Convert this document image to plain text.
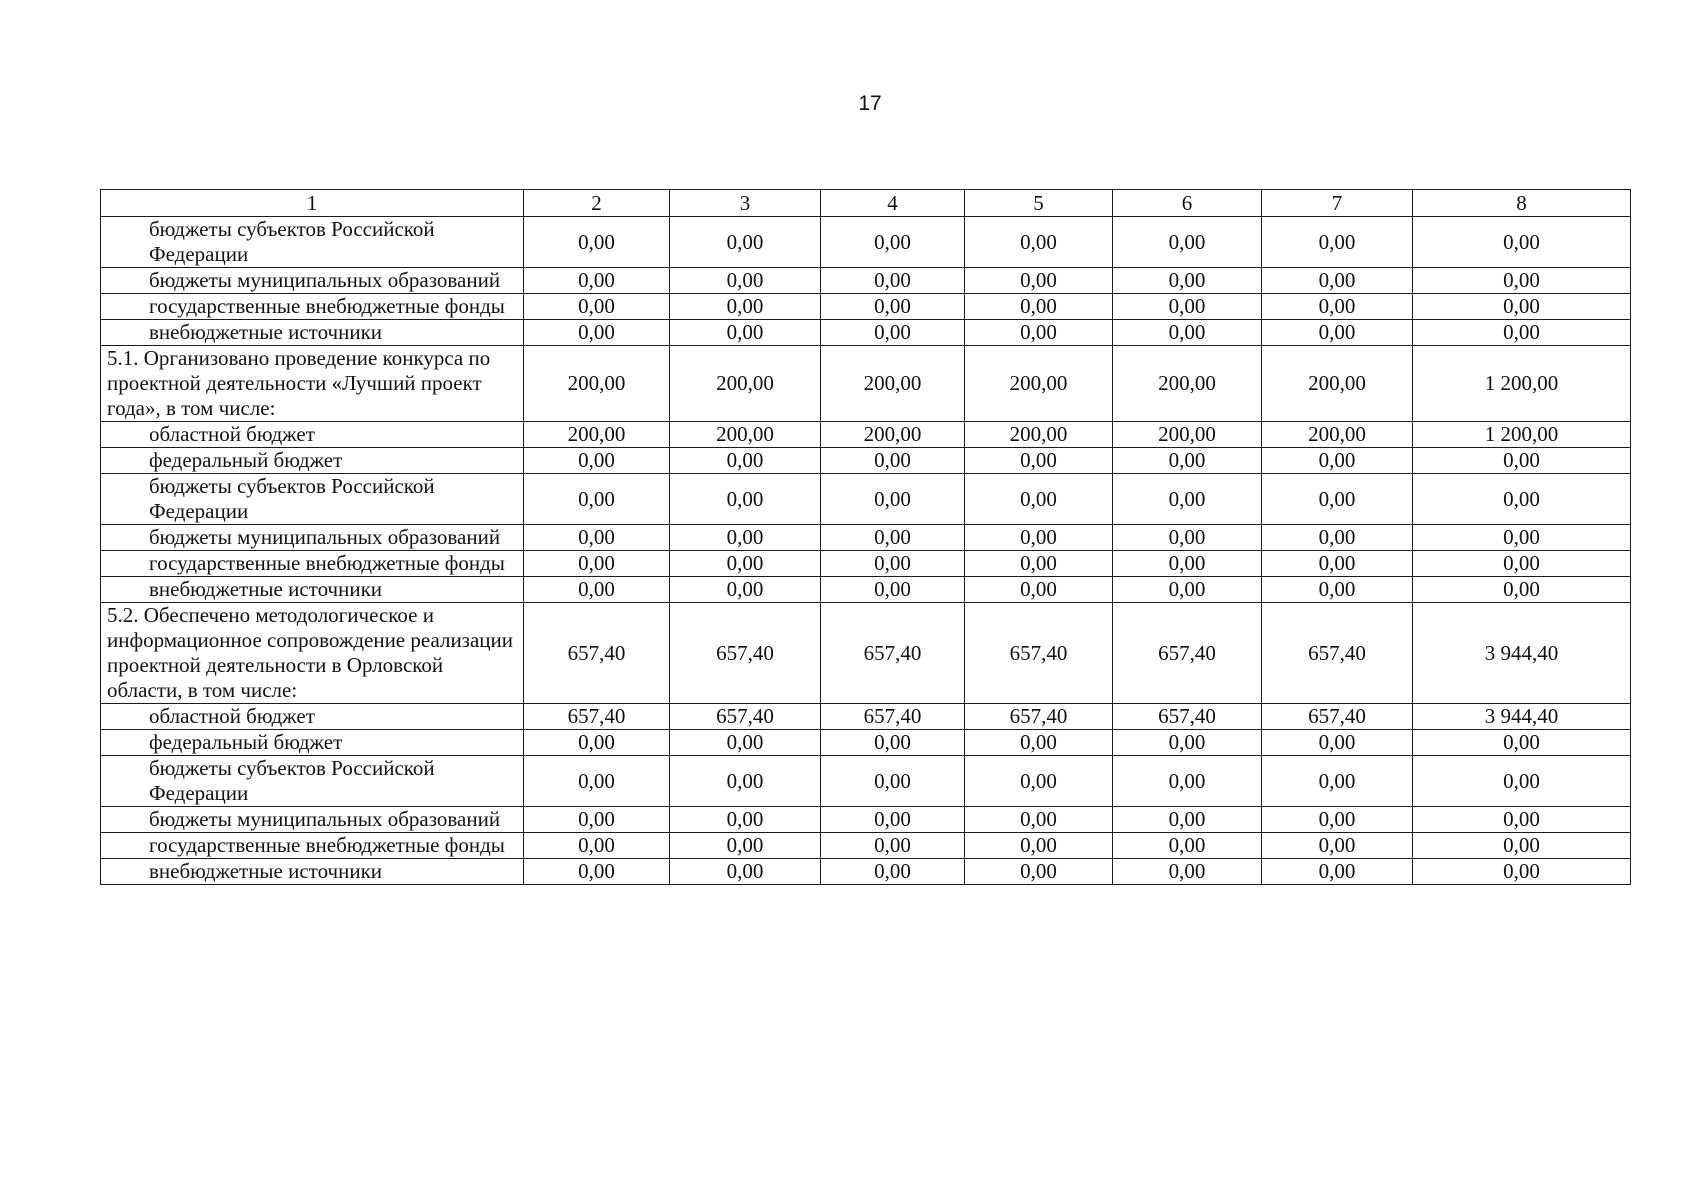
17
1	2	3	4	5	6	7	8
бюджеты субъектов Российской Федерации	0,00	0,00	0,00	0,00	0,00	0,00	0,00
бюджеты муниципальных образований	0,00	0,00	0,00	0,00	0,00	0,00	0,00
государственные внебюджетные фонды	0,00	0,00	0,00	0,00	0,00	0,00	0,00
внебюджетные источники	0,00	0,00	0,00	0,00	0,00	0,00	0,00
5.1. Организовано проведение конкурса по проектной деятельности «Лучший проект года», в том числе:	200,00	200,00	200,00	200,00	200,00	200,00	1 200,00
областной бюджет	200,00	200,00	200,00	200,00	200,00	200,00	1 200,00
федеральный бюджет	0,00	0,00	0,00	0,00	0,00	0,00	0,00
бюджеты субъектов Российской Федерации	0,00	0,00	0,00	0,00	0,00	0,00	0,00
бюджеты муниципальных образований	0,00	0,00	0,00	0,00	0,00	0,00	0,00
государственные внебюджетные фонды	0,00	0,00	0,00	0,00	0,00	0,00	0,00
внебюджетные источники	0,00	0,00	0,00	0,00	0,00	0,00	0,00
5.2. Обеспечено методологическое и информационное сопровождение реализации проектной деятельности в Орловской области, в том числе:	657,40	657,40	657,40	657,40	657,40	657,40	3 944,40
областной бюджет	657,40	657,40	657,40	657,40	657,40	657,40	3 944,40
федеральный бюджет	0,00	0,00	0,00	0,00	0,00	0,00	0,00
бюджеты субъектов Российской Федерации	0,00	0,00	0,00	0,00	0,00	0,00	0,00
бюджеты муниципальных образований	0,00	0,00	0,00	0,00	0,00	0,00	0,00
государственные внебюджетные фонды	0,00	0,00	0,00	0,00	0,00	0,00	0,00
внебюджетные источники	0,00	0,00	0,00	0,00	0,00	0,00	0,00
